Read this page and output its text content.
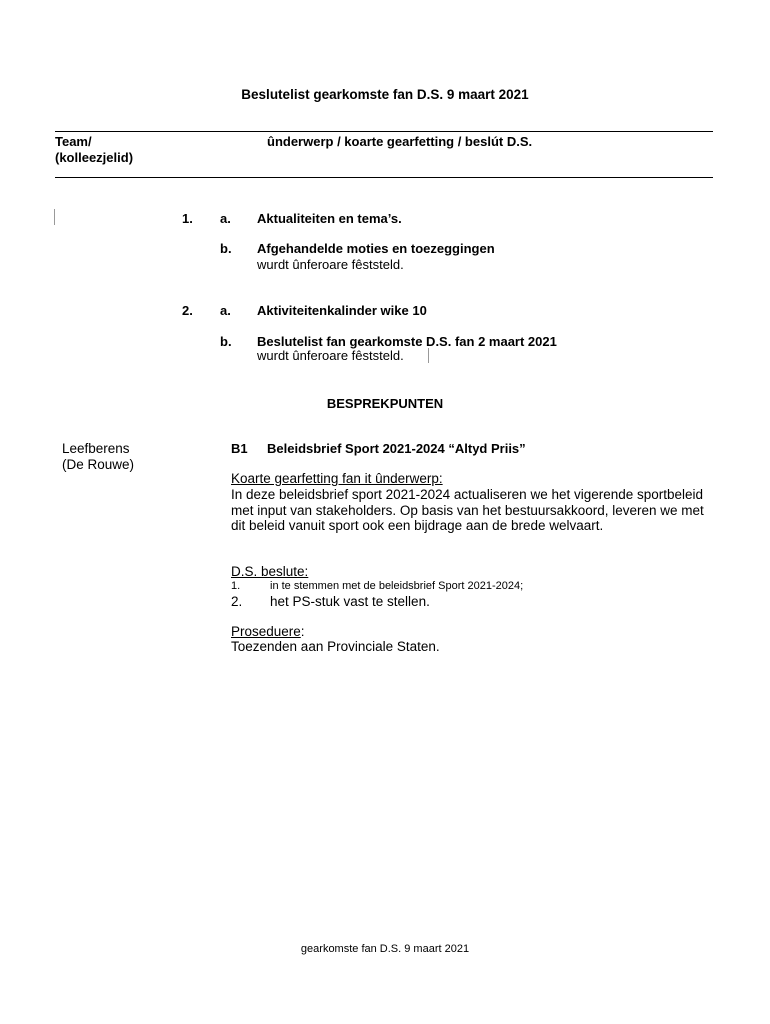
Beslutelist gearkomste fan D.S. 9 maart 2021
Team/
(kolleezjelid)
ûnderwerp / koarte gearfetting / beslút D.S.
1. a. Aktualiteiten en tema’s.
b. Afgehandelde moties en toezeggingen
wurdt ûnferoare fêststeld.
2. a. Aktiviteitenkalinder wike 10
b. Beslutelist fan gearkomste D.S. fan 2 maart 2021
wurdt ûnferoare fêststeld.
BESPREKPUNTEN
Leefberens
(De Rouwe)
B1 Beleidsbrief Sport 2021-2024 “Altyd Priis”
Koarte gearfetting fan it ûnderwerp:
In deze beleidsbrief sport 2021-2024 actualiseren we het vigerende sportbeleid met input van stakeholders. Op basis van het bestuursakkoord, leveren we met dit beleid vanuit sport ook een bijdrage aan de brede welvaart.
D.S. beslute:
1.	in te stemmen met de beleidsbrief Sport 2021-2024;
2. het PS-stuk vast te stellen.
Proseduere:
Toezenden aan Provinciale Staten.
gearkomste fan D.S. 9 maart 2021
